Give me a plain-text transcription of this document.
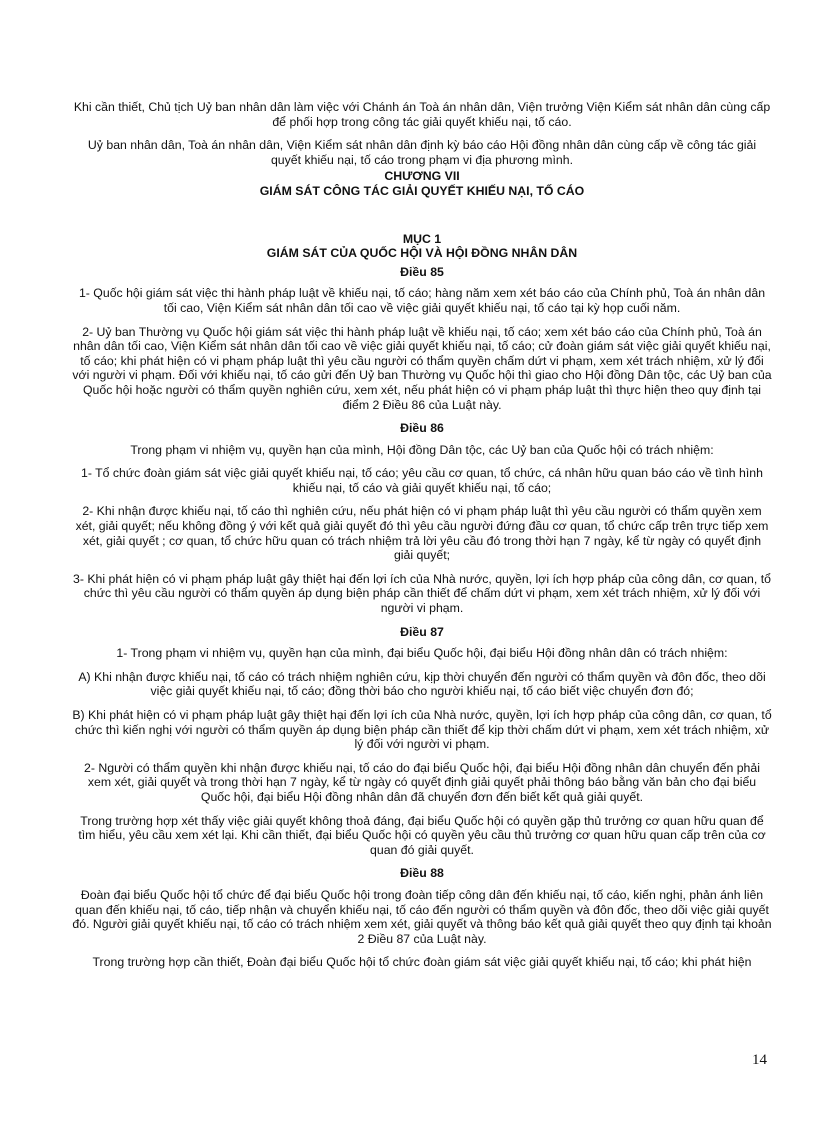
Khi cần thiết, Chủ tịch Uỷ ban nhân dân làm việc với Chánh án Toà án nhân dân, Viện trưởng Viện Kiểm sát nhân dân cùng cấp để phối hợp trong công tác giải quyết khiếu nại, tố cáo.

Uỷ ban nhân dân, Toà án nhân dân, Viện Kiểm sát nhân dân định kỳ báo cáo Hội đồng nhân dân cùng cấp về công tác giải quyết khiếu nại, tố cáo trong phạm vi địa phương mình.

CHƯƠNG VII

GIÁM SÁT CÔNG TÁC GIẢI QUYẾT KHIẾU NẠI, TỐ CÁO

MỤC 1

GIÁM SÁT CỦA QUỐC HỘI VÀ HỘI ĐỒNG NHÂN DÂN

Điều 85

1- Quốc hội giám sát việc thi hành pháp luật về khiếu nại, tố cáo; hàng năm xem xét báo cáo của Chính phủ, Toà án nhân dân tối cao, Viện Kiểm sát nhân dân tối cao về việc giải quyết khiếu nại, tố cáo tại kỳ họp cuối năm.

2- Uỷ ban Thường vụ Quốc hội giám sát việc thi hành pháp luật về khiếu nại, tố cáo; xem xét báo cáo của Chính phủ, Toà án nhân dân tối cao, Viện Kiểm sát nhân dân tối cao về việc giải quyết khiếu nại, tố cáo; cử đoàn giám sát việc giải quyết khiếu nại, tố cáo; khi phát hiện có vi phạm pháp luật thì yêu cầu người có thẩm quyền chấm dứt vi phạm, xem xét trách nhiệm, xử lý đối với người vi phạm. Đối với khiếu nại, tố cáo gửi đến Uỷ ban Thường vụ Quốc hội thì giao cho Hội đồng Dân tộc, các Uỷ ban của Quốc hội hoặc người có thẩm quyền nghiên cứu, xem xét, nếu phát hiện có vi phạm pháp luật thì thực hiện theo quy định tại điểm 2 Điều 86 của Luật này.

Điều 86

Trong phạm vi nhiệm vụ, quyền hạn của mình, Hội đồng Dân tộc, các Uỷ ban của Quốc hội có trách nhiệm:

1- Tổ chức đoàn giám sát việc giải quyết khiếu nại, tố cáo; yêu cầu cơ quan, tổ chức, cá nhân hữu quan báo cáo về tình hình khiếu nại, tố cáo và giải quyết khiếu nại, tố cáo;

2- Khi nhận được khiếu nại, tố cáo thì nghiên cứu, nếu phát hiện có vi phạm pháp luật thì yêu cầu người có thẩm quyền xem xét, giải quyết; nếu không đồng ý với kết quả giải quyết đó thì yêu cầu người đứng đầu cơ quan, tổ chức cấp trên trực tiếp xem xét, giải quyết ; cơ quan, tổ chức hữu quan có trách nhiệm trả lời yêu cầu đó trong thời hạn 7 ngày, kể từ ngày có quyết định giải quyết;

3- Khi phát hiện có vi phạm pháp luật gây thiệt hại đến lợi ích của Nhà nước, quyền, lợi ích hợp pháp của công dân, cơ quan, tổ chức thì yêu cầu người có thẩm quyền áp dụng biện pháp cần thiết để chấm dứt vi phạm, xem xét trách nhiệm, xử lý đối với người vi phạm.

Điều 87

1- Trong phạm vi nhiệm vụ, quyền hạn của mình, đại biểu Quốc hội, đại biểu Hội đồng nhân dân có trách nhiệm:

A) Khi nhận được khiếu nại, tố cáo có trách nhiệm nghiên cứu, kịp thời chuyển đến người có thẩm quyền và đôn đốc, theo dõi việc giải quyết khiếu nại, tố cáo; đồng thời báo cho người khiếu nại, tố cáo biết việc chuyển đơn đó;

B) Khi phát hiện có vi phạm pháp luật gây thiệt hại đến lợi ích của Nhà nước, quyền, lợi ích hợp pháp của công dân, cơ quan, tổ chức thì kiến nghị với người có thẩm quyền áp dụng biện pháp cần thiết để kịp thời chấm dứt vi phạm, xem xét trách nhiệm, xử lý đối với người vi phạm.

2- Người có thẩm quyền khi nhận được khiếu nại, tố cáo do đại biểu Quốc hội, đại biểu Hội đồng nhân dân chuyển đến phải xem xét, giải quyết và trong thời hạn 7 ngày, kể từ ngày có quyết định giải quyết phải thông báo bằng văn bản cho đại biểu Quốc hội, đại biểu Hội đồng nhân dân đã chuyển đơn đến biết kết quả giải quyết.

Trong trường hợp xét thấy việc giải quyết không thoả đáng, đại biểu Quốc hội có quyền gặp thủ trưởng cơ quan hữu quan để tìm hiểu, yêu cầu xem xét lại. Khi cần thiết, đại biểu Quốc hội có quyền yêu cầu thủ trưởng cơ quan hữu quan cấp trên của cơ quan đó giải quyết.

Điều 88

Đoàn đại biểu Quốc hội tổ chức để đại biểu Quốc hội trong đoàn tiếp công dân đến khiếu nại, tố cáo, kiến nghị, phản ánh liên quan đến khiếu nại, tố cáo, tiếp nhận và chuyển khiếu nại, tố cáo đến người có thẩm quyền và đôn đốc, theo dõi việc giải quyết đó. Người giải quyết khiếu nại, tố cáo có trách nhiệm xem xét, giải quyết và thông báo kết quả giải quyết theo quy định tại khoản 2 Điều 87 của Luật này.

Trong trường hợp cần thiết, Đoàn đại biểu Quốc hội tổ chức đoàn giám sát việc giải quyết khiếu nại, tố cáo; khi phát hiện

14
